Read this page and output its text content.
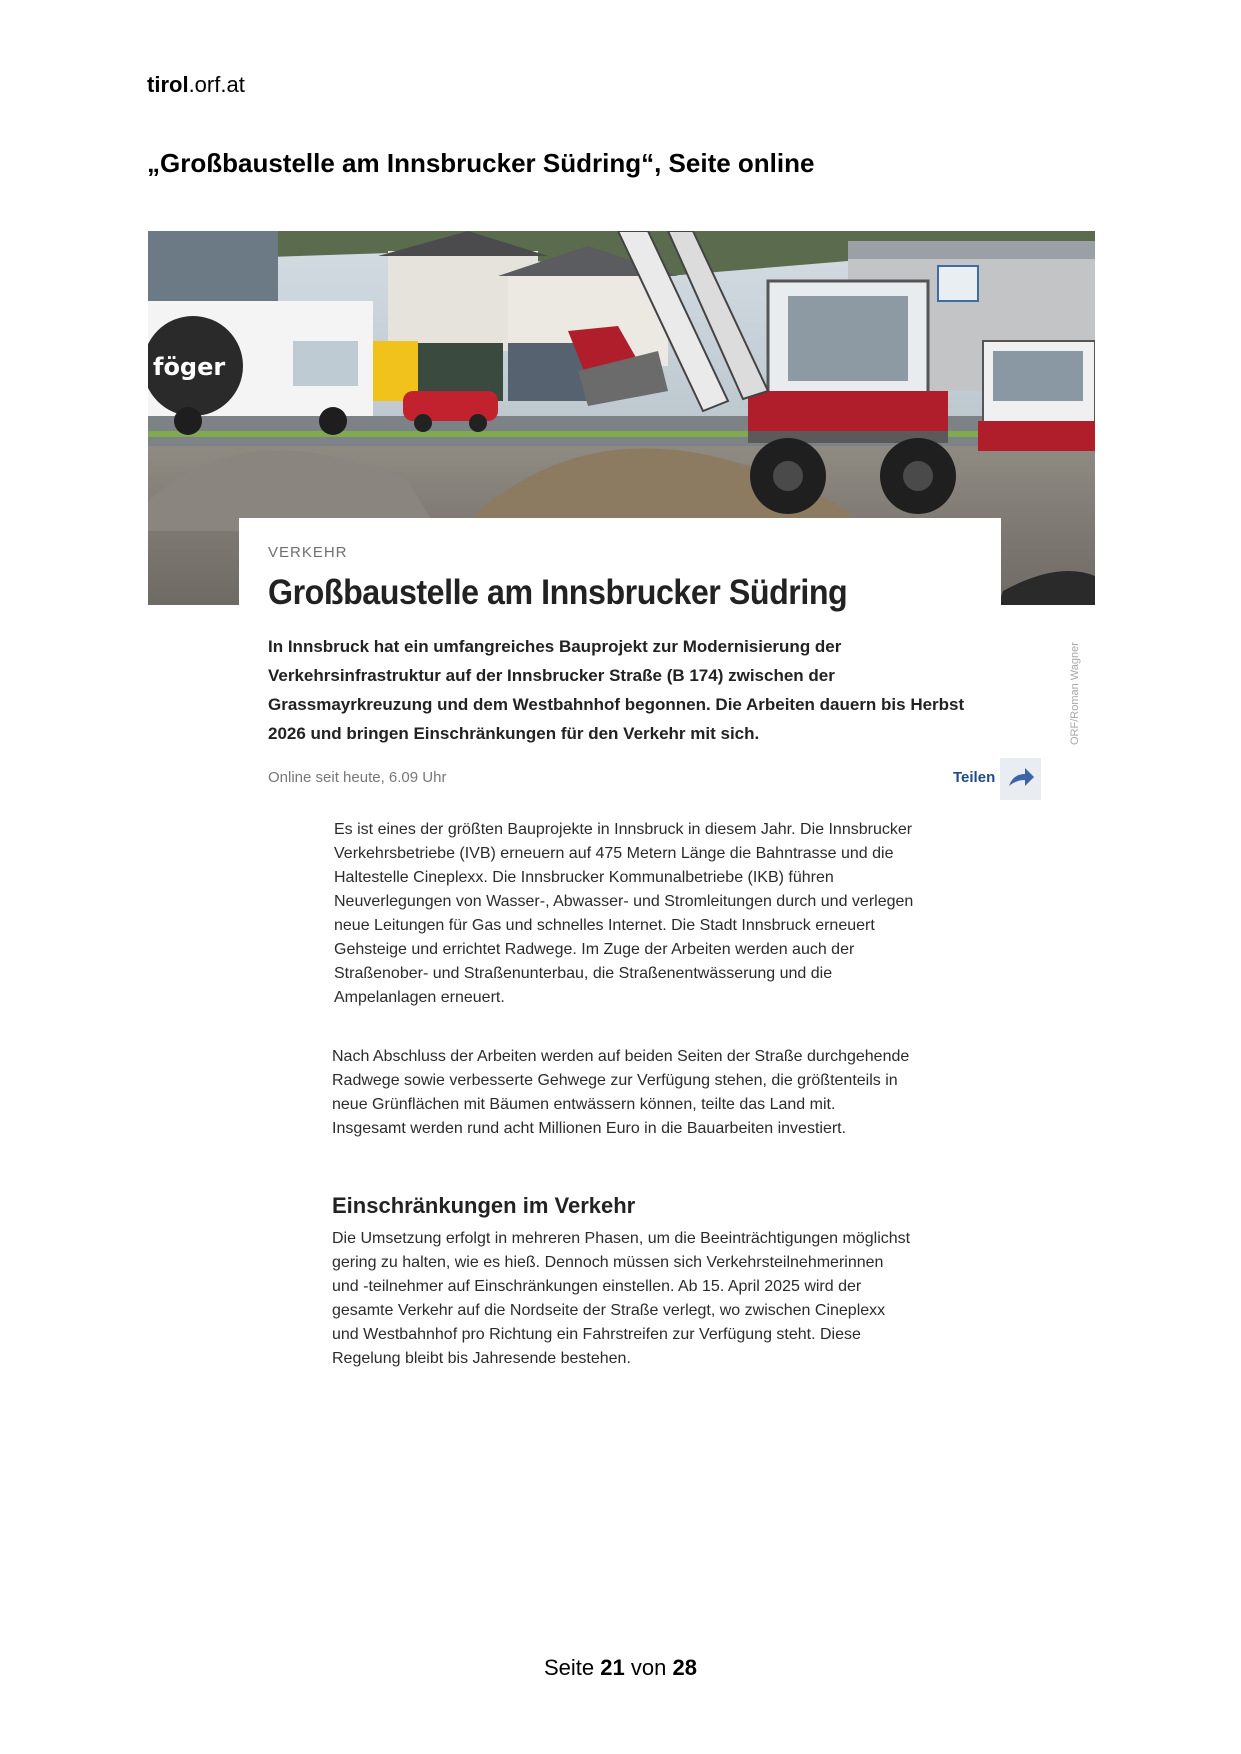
tirol.orf.at
„Großbaustelle am Innsbrucker Südring“, Seite online
föger
ORF/Roman Wagner
VERKEHR
Großbaustelle am Innsbrucker Südring
In Innsbruck hat ein umfangreiches Bauprojekt zur Modernisierung der Verkehrsinfrastruktur auf der Innsbrucker Straße (B 174) zwischen der Grassmayrkreuzung und dem Westbahnhof begonnen. Die Arbeiten dauern bis Herbst 2026 und bringen Einschränkungen für den Verkehr mit sich.
Online seit heute, 6.09 Uhr	Teilen

Es ist eines der größten Bauprojekte in Innsbruck in diesem Jahr. Die Innsbrucker Verkehrsbetriebe (IVB) erneuern auf 475 Metern Länge die Bahntrasse und die Haltestelle Cineplexx. Die Innsbrucker Kommunalbetriebe (IKB) führen Neuverlegungen von Wasser-, Abwasser- und Stromleitungen durch und verlegen neue Leitungen für Gas und schnelles Internet. Die Stadt Innsbruck erneuert Gehsteige und errichtet Radwege. Im Zuge der Arbeiten werden auch der Straßenober- und Straßenunterbau, die Straßenentwässerung und die Ampelanlagen erneuert.

Nach Abschluss der Arbeiten werden auf beiden Seiten der Straße durchgehende Radwege sowie verbesserte Gehwege zur Verfügung stehen, die größtenteils in neue Grünflächen mit Bäumen entwässern können, teilte das Land mit. Insgesamt werden rund acht Millionen Euro in die Bauarbeiten investiert.

Einschränkungen im Verkehr

Die Umsetzung erfolgt in mehreren Phasen, um die Beeinträchtigungen möglichst gering zu halten, wie es hieß. Dennoch müssen sich Verkehrsteilnehmerinnen und -teilnehmer auf Einschränkungen einstellen. Ab 15. April 2025 wird der gesamte Verkehr auf die Nordseite der Straße verlegt, wo zwischen Cineplexx und Westbahnhof pro Richtung ein Fahrstreifen zur Verfügung steht. Diese Regelung bleibt bis Jahresende bestehen.

Seite 21 von 28
